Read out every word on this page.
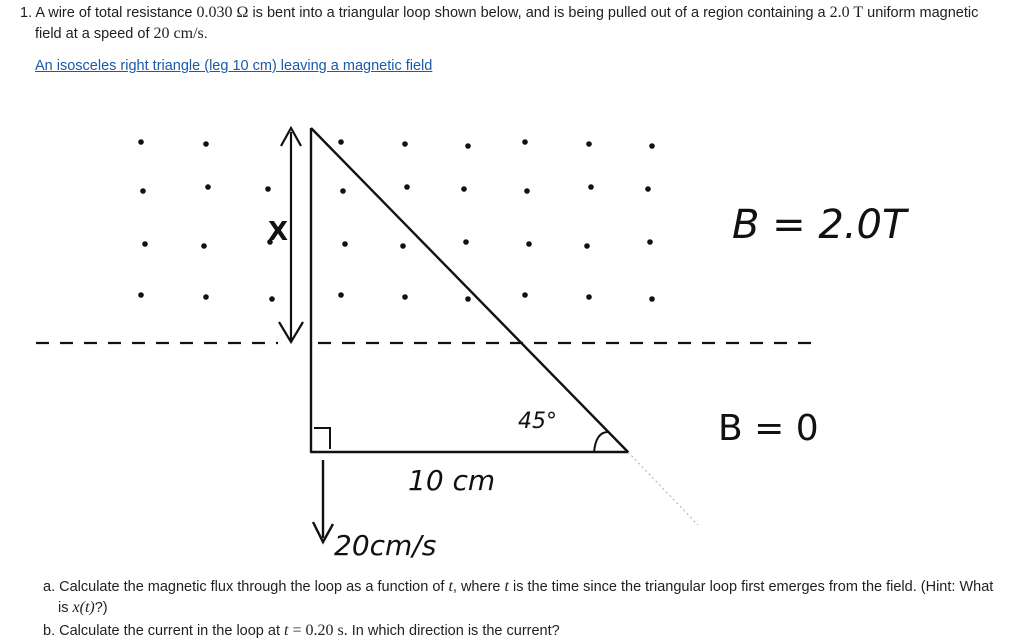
1. A wire of total resistance 0.030 Ω is bent into a triangular loop shown below, and is being pulled out of a region containing a 2.0 T uniform magnetic
field at a speed of 20 cm/s.
An isosceles right triangle (leg 10 cm) leaving a magnetic field
X	B = 2.0T
B = 0
45°
10 cm
20cm/s
a. Calculate the magnetic flux through the loop as a function of t, where t is the time since the triangular loop first emerges from the field. (Hint: What
is x(t)?)
b. Calculate the current in the loop at t = 0.20 s. In which direction is the current?
